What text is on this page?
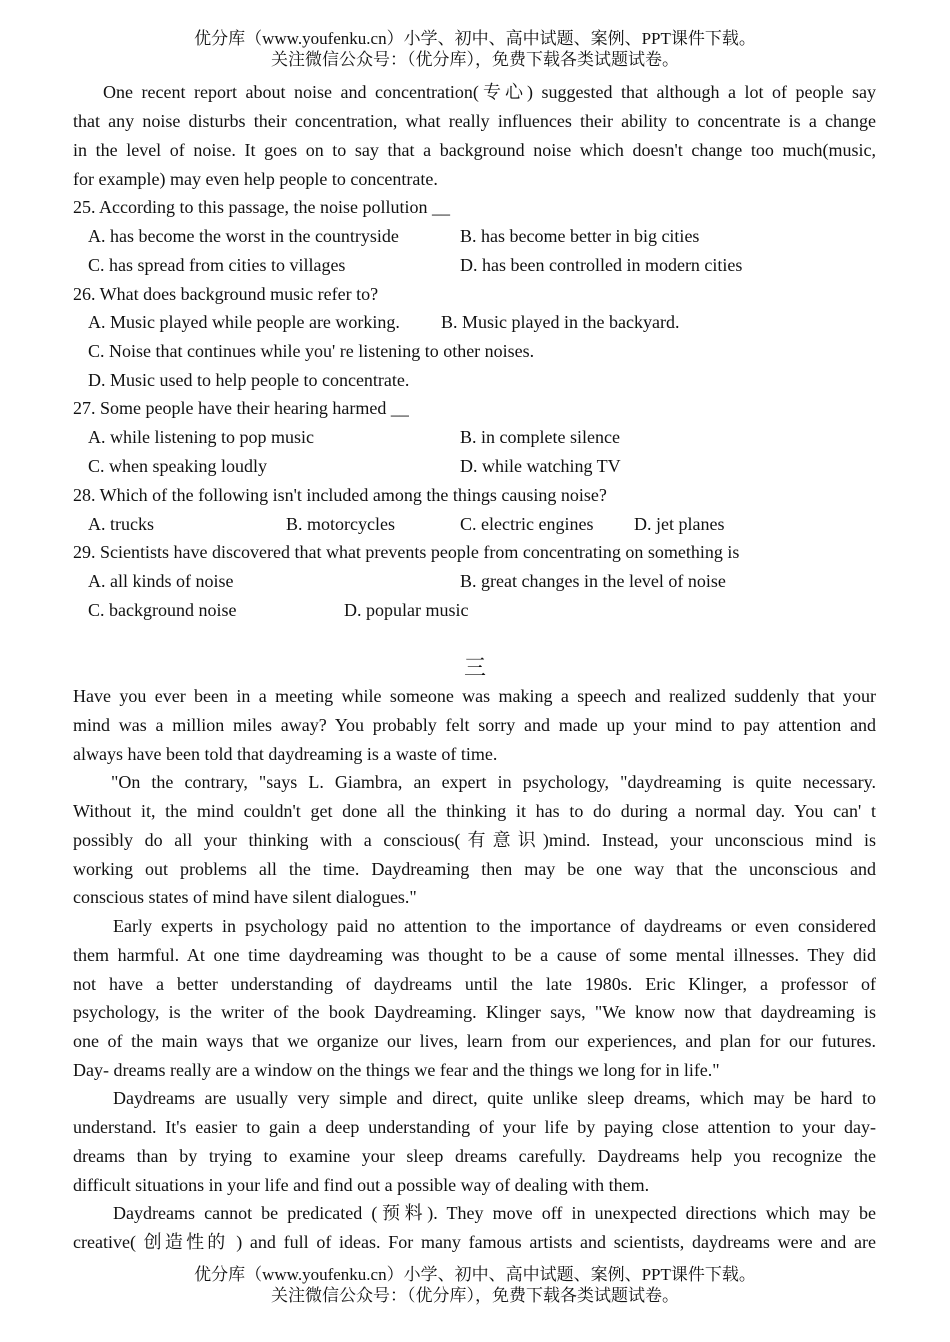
优分库（www.youfenku.cn）小学、初中、高中试题、案例、PPT课件下载。
关注微信公众号：（优分库），免费下载各类试题试卷。
One recent report about noise and concentration(专心) suggested that although a lot of people say
that any noise disturbs their concentration, what really influences their ability to concentrate is a change
in the level of noise. It goes on to say that a background noise which doesn't change too much(music,
for example) may even help people to concentrate.
25. According to this passage, the noise pollution __
A. has become the worst in the countryside	B. has become better in big cities
C. has spread from cities to villages	D. has been controlled in modern cities
26. What does background music refer to?
A. Music played while people are working. B. Music played in the backyard.
C. Noise that continues while you' re listening to other noises.
D. Music used to help people to concentrate.
27. Some people have their hearing harmed __
A. while listening to pop music	B. in complete silence
C. when speaking loudly	D. while watching TV
28. Which of the following isn't included among the things causing noise?
A. trucks	B. motorcycles	C. electric engines D. jet planes
29. Scientists have discovered that what prevents people from concentrating on something is
A. all kinds of noise	B. great changes in the level of noise
C. background noise	D. popular music
三
Have you ever been in a meeting while someone was making a speech and realized suddenly that your
mind was a million miles away? You probably felt sorry and made up your mind to pay attention and
always have been told that daydreaming is a waste of time.
"On the contrary, "says L. Giambra, an expert in psychology, "daydreaming is quite necessary.
Without it, the mind couldn't get done all the thinking it has to do during a normal day. You can' t
possibly do all your thinking with a conscious(有意识)mind. Instead, your unconscious mind is
working out problems all the time. Daydreaming then may be one way that the unconscious and
conscious states of mind have silent dialogues."
Early experts in psychology paid no attention to the importance of daydreams or even considered
them harmful. At one time daydreaming was thought to be a cause of some mental illnesses. They did
not have a better understanding of daydreams until the late 1980s. Eric Klinger, a professor of
psychology, is the writer of the book Daydreaming. Klinger says, "We know now that daydreaming is
one of the main ways that we organize our lives, learn from our experiences, and plan for our futures.
Day- dreams really are a window on the things we fear and the things we long for in life."
Daydreams are usually very simple and direct, quite unlike sleep dreams, which may be hard to
understand. It's easier to gain a deep understanding of your life by paying close attention to your day-
dreams than by trying to examine your sleep dreams carefully. Daydreams help you recognize the
difficult situations in your life and find out a possible way of dealing with them.
Daydreams cannot be predicated (预料). They move off in unexpected directions which may be
creative( 创造性的 ) and full of ideas. For many famous artists and scientists, daydreams were and are
优分库（www.youfenku.cn）小学、初中、高中试题、案例、PPT课件下载。
关注微信公众号：（优分库），免费下载各类试题试卷。
